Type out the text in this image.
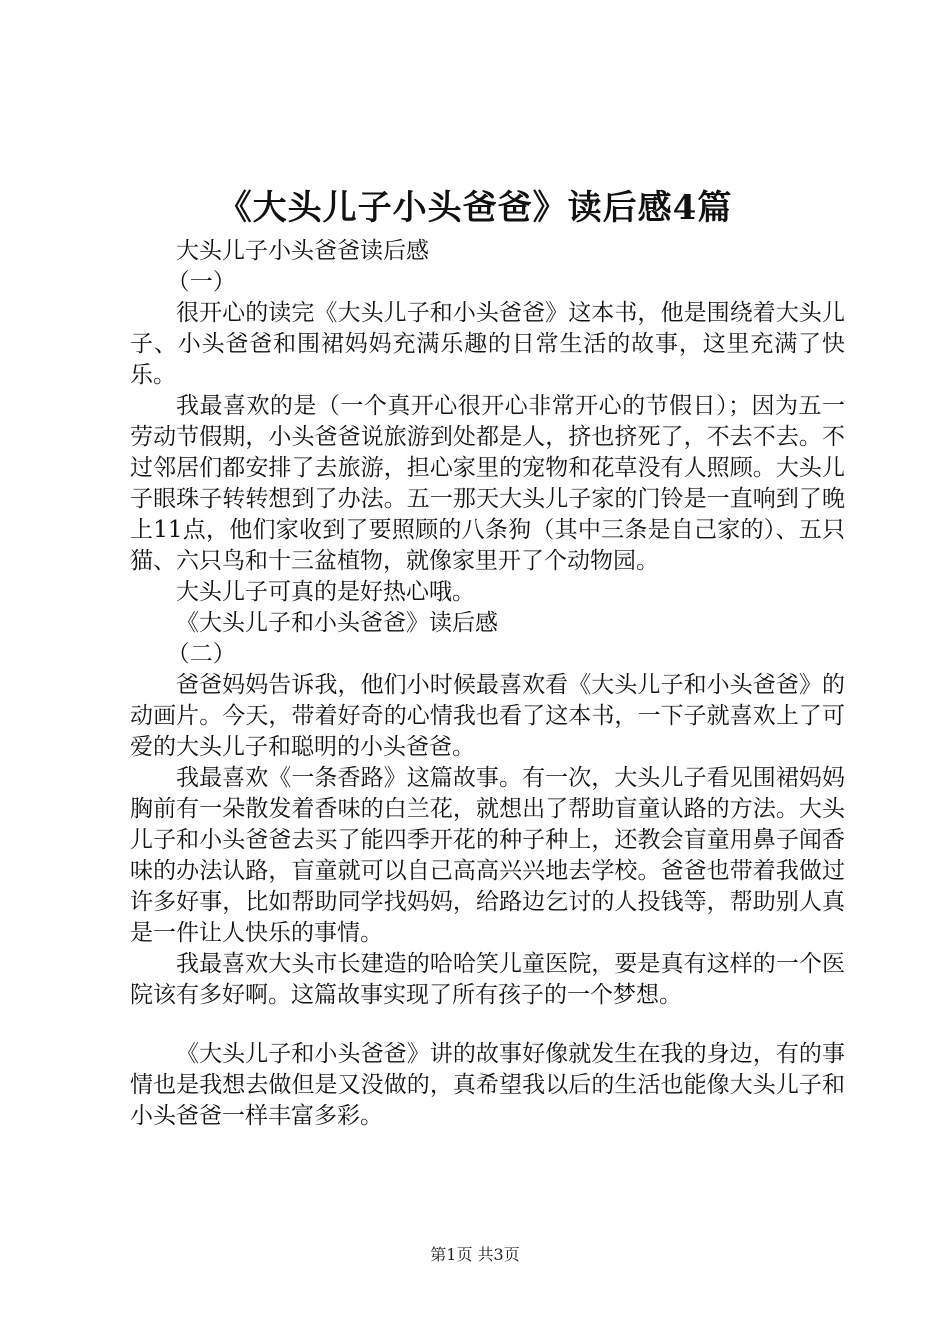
《大头儿子小头爸爸》读后感4篇

大头儿子小头爸爸读后感

（一）

很开心的读完《大头儿子和小头爸爸》这本书，他是围绕着大头儿子、小头爸爸和围裙妈妈充满乐趣的日常生活的故事，这里充满了快乐。

我最喜欢的是（一个真开心很开心非常开心的节假日）；因为五一劳动节假期，小头爸爸说旅游到处都是人，挤也挤死了，不去不去。不过邻居们都安排了去旅游，担心家里的宠物和花草没有人照顾。大头儿子眼珠子转转想到了办法。五一那天大头儿子家的门铃是一直响到了晚上11点，他们家收到了要照顾的八条狗（其中三条是自己家的）、五只猫、六只鸟和十三盆植物，就像家里开了个动物园。

大头儿子可真的是好热心哦。

《大头儿子和小头爸爸》读后感

（二）

爸爸妈妈告诉我，他们小时候最喜欢看《大头儿子和小头爸爸》的动画片。今天，带着好奇的心情我也看了这本书，一下子就喜欢上了可爱的大头儿子和聪明的小头爸爸。

我最喜欢《一条香路》这篇故事。有一次，大头儿子看见围裙妈妈胸前有一朵散发着香味的白兰花，就想出了帮助盲童认路的方法。大头儿子和小头爸爸去买了能四季开花的种子种上，还教会盲童用鼻子闻香味的办法认路，盲童就可以自己高高兴兴地去学校。爸爸也带着我做过许多好事，比如帮助同学找妈妈，给路边乞讨的人投钱等，帮助别人真是一件让人快乐的事情。

我最喜欢大头市长建造的哈哈笑儿童医院，要是真有这样的一个医院该有多好啊。这篇故事实现了所有孩子的一个梦想。

《大头儿子和小头爸爸》讲的故事好像就发生在我的身边，有的事情也是我想去做但是又没做的，真希望我以后的生活也能像大头儿子和小头爸爸一样丰富多彩。

第1页 共3页
